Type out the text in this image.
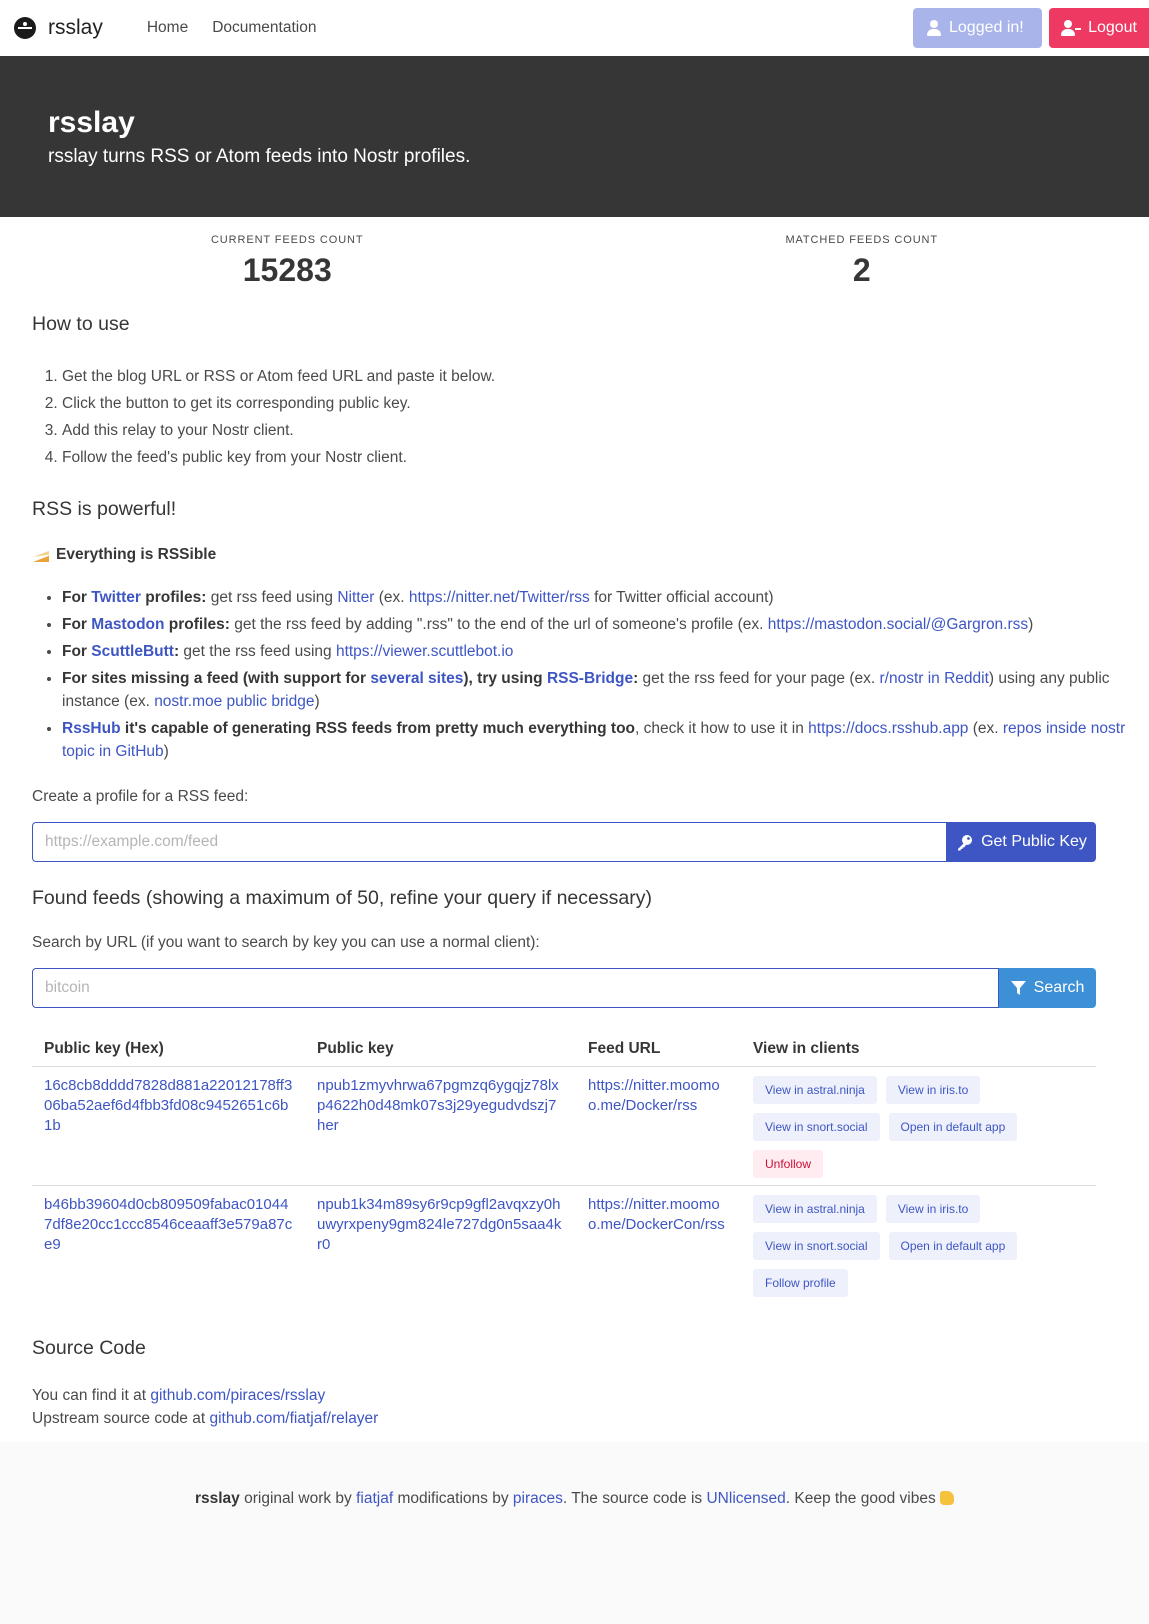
rsslay	Home	Documentation	Logged in!	Logout
rsslay

rsslay turns RSS or Atom feeds into Nostr profiles.

CURRENT FEEDS COUNT
15283
MATCHED FEEDS COUNT
2
How to use
1. Get the blog URL or RSS or Atom feed URL and paste it below.
2. Click the button to get its corresponding public key.
3. Add this relay to your Nostr client.
4. Follow the feed's public key from your Nostr client.
RSS is powerful!

Everything is RSSible

• For Twitter profiles: get rss feed using Nitter (ex. https://nitter.net/Twitter/rss for Twitter official account)
• For Mastodon profiles: get the rss feed by adding ".rss" to the end of the url of someone's profile (ex. https://mastodon.social/@Gargron.rss)
• For ScuttleButt: get the rss feed using https://viewer.scuttlebot.io
• For sites missing a feed (with support for several sites), try using RSS-Bridge: get the rss feed for your page (ex. r/nostr in Reddit) using any public instance (ex. nostr.moe public bridge)
• RssHub it's capable of generating RSS feeds from pretty much everything too, check it how to use it in https://docs.rsshub.app (ex. repos inside nostr topic in GitHub)

Create a profile for a RSS feed:

https://example.com/feed
Get Public Key
Found feeds (showing a maximum of 50, refine your query if necessary)

Search by URL (if you want to search by key you can use a normal client):

bitcoin
Search
Public key (Hex)	Public key	Feed URL	View in clients
16c8cb8dddd7828d881a22012178ff306ba52aef6d4fbb3fd08c9452651c6b1b	npub1zmyvhrwa67pgmzq6ygqjz78lxp4622h0d48mk07s3j29yegudvdszj7her	https://nitter.moomoo.me/Docker/rss	View in astral.ninja View in iris.to
View in snort.social Open in default app
Unfollow

b46bb39604d0cb809509fabac010447df8e20cc1ccc8546ceaaff3e579a87ce9	npub1k34m89sy6r9cp9gfl2avqxzy0huwyrxpeny9gm824le727dg0n5saa4kr0	https://nitter.moomoo.me/DockerCon/rss	View in astral.ninja View in iris.to
View in snort.social Open in default app
Follow profile
Source Code

You can find it at github.com/piraces/rsslay
Upstream source code at github.com/fiatjaf/relayer

rsslay original work by fiatjaf modifications by piraces. The source code is UNlicensed. Keep the good vibes
